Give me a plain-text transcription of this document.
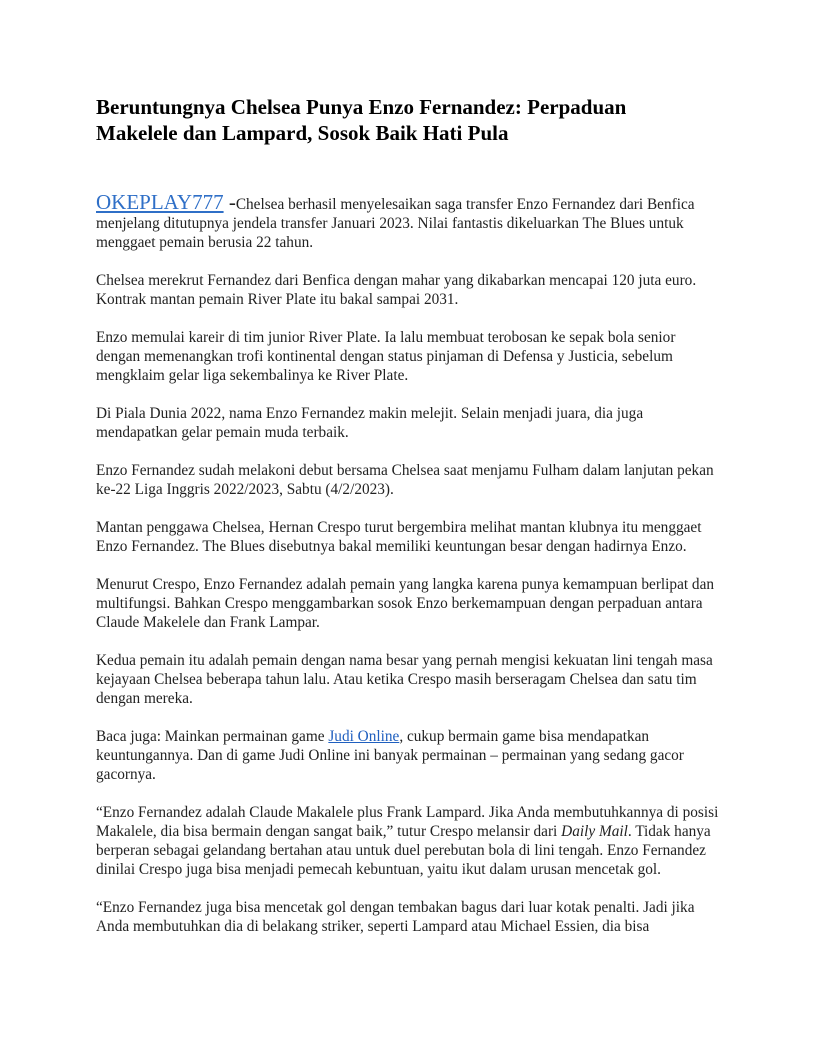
Beruntungnya Chelsea Punya Enzo Fernandez: Perpaduan
Makelele dan Lampard, Sosok Baik Hati Pula

OKEPLAY777 -Chelsea berhasil menyelesaikan saga transfer Enzo Fernandez dari Benfica menjelang ditutupnya jendela transfer Januari 2023. Nilai fantastis dikeluarkan The Blues untuk menggaet pemain berusia 22 tahun.

Chelsea merekrut Fernandez dari Benfica dengan mahar yang dikabarkan mencapai 120 juta euro. Kontrak mantan pemain River Plate itu bakal sampai 2031.

Enzo memulai kareir di tim junior River Plate. Ia lalu membuat terobosan ke sepak bola senior dengan memenangkan trofi kontinental dengan status pinjaman di Defensa y Justicia, sebelum mengklaim gelar liga sekembalinya ke River Plate.

Di Piala Dunia 2022, nama Enzo Fernandez makin melejit. Selain menjadi juara, dia juga mendapatkan gelar pemain muda terbaik.

Enzo Fernandez sudah melakoni debut bersama Chelsea saat menjamu Fulham dalam lanjutan pekan ke-22 Liga Inggris 2022/2023, Sabtu (4/2/2023).

Mantan penggawa Chelsea, Hernan Crespo turut bergembira melihat mantan klubnya itu menggaet Enzo Fernandez. The Blues disebutnya bakal memiliki keuntungan besar dengan hadirnya Enzo.

Menurut Crespo, Enzo Fernandez adalah pemain yang langka karena punya kemampuan berlipat dan multifungsi. Bahkan Crespo menggambarkan sosok Enzo berkemampuan dengan perpaduan antara Claude Makelele dan Frank Lampar.

Kedua pemain itu adalah pemain dengan nama besar yang pernah mengisi kekuatan lini tengah masa kejayaan Chelsea beberapa tahun lalu. Atau ketika Crespo masih berseragam Chelsea dan satu tim dengan mereka.

Baca juga: Mainkan permainan game Judi Online, cukup bermain game bisa mendapatkan keuntungannya. Dan di game Judi Online ini banyak permainan – permainan yang sedang gacor gacornya.

“Enzo Fernandez adalah Claude Makalele plus Frank Lampard. Jika Anda membutuhkannya di posisi Makalele, dia bisa bermain dengan sangat baik,” tutur Crespo melansir dari Daily Mail. Tidak hanya berperan sebagai gelandang bertahan atau untuk duel perebutan bola di lini tengah. Enzo Fernandez dinilai Crespo juga bisa menjadi pemecah kebuntuan, yaitu ikut dalam urusan mencetak gol.

“Enzo Fernandez juga bisa mencetak gol dengan tembakan bagus dari luar kotak penalti. Jadi jika Anda membutuhkan dia di belakang striker, seperti Lampard atau Michael Essien, dia bisa
